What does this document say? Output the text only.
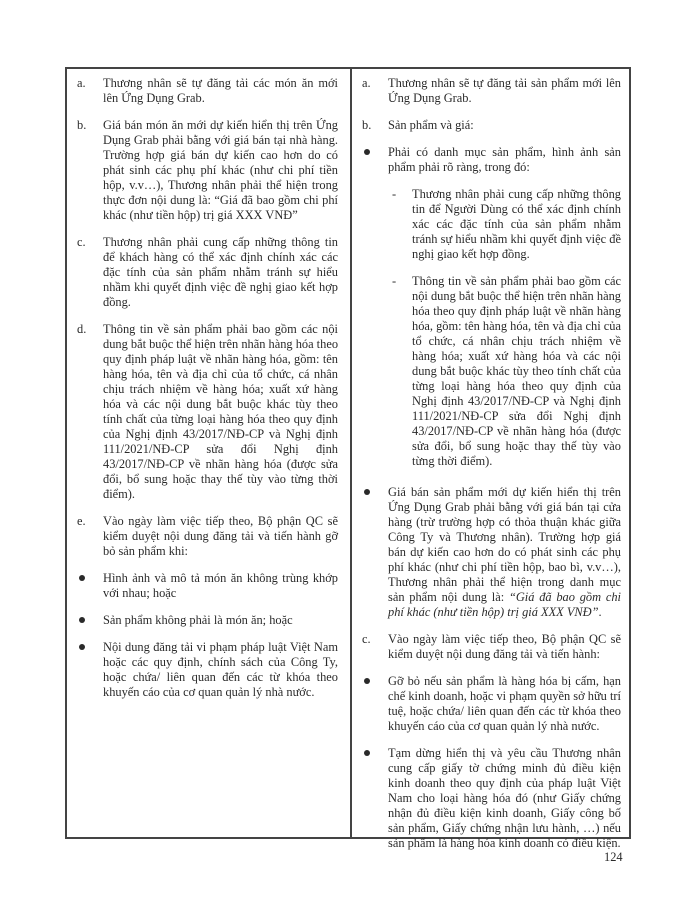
a.	Thương nhân sẽ tự đăng tải các món ăn mới lên Ứng Dụng Grab.
b.	Giá bán món ăn mới dự kiến hiển thị trên Ứng Dụng Grab phải bằng với giá bán tại nhà hàng. Trường hợp giá bán dự kiến cao hơn do có phát sinh các phụ phí khác (như chi phí tiền hộp, v.v…), Thương nhân phải thể hiện trong thực đơn nội dung là: “Giá đã bao gồm chi phí khác (như tiền hộp) trị giá XXX VNĐ”
c.	Thương nhân phải cung cấp những thông tin để khách hàng có thể xác định chính xác các đặc tính của sản phẩm nhằm tránh sự hiểu nhầm khi quyết định việc đề nghị giao kết hợp đồng.
d.	Thông tin về sản phẩm phải bao gồm các nội dung bắt buộc thể hiện trên nhãn hàng hóa theo quy định pháp luật về nhãn hàng hóa, gồm: tên hàng hóa, tên và địa chỉ của tổ chức, cá nhân chịu trách nhiệm về hàng hóa; xuất xứ hàng hóa và các nội dung bắt buộc khác tùy theo tính chất của từng loại hàng hóa theo quy định của Nghị định 43/2017/NĐ-CP và Nghị định 111/2021/NĐ-CP sửa đổi Nghị định 43/2017/NĐ-CP về nhãn hàng hóa (được sửa đổi, bổ sung hoặc thay thế tùy vào từng thời điểm).
e.	Vào ngày làm việc tiếp theo, Bộ phận QC sẽ kiểm duyệt nội dung đăng tải và tiến hành gỡ bỏ sản phẩm khi:
Hình ảnh và mô tả món ăn không trùng khớp với nhau; hoặc
Sản phẩm không phải là món ăn; hoặc
Nội dung đăng tải vi phạm pháp luật Việt Nam hoặc các quy định, chính sách của Công Ty, hoặc chứa/ liên quan đến các từ khóa theo khuyến cáo của cơ quan quản lý nhà nước.
a.	Thương nhân sẽ tự đăng tải sản phẩm mới lên Ứng Dụng Grab.
b.	Sản phẩm và giá:
Phải có danh mục sản phẩm, hình ảnh sản phẩm phải rõ ràng, trong đó:
-	Thương nhân phải cung cấp những thông tin để Người Dùng có thể xác định chính xác các đặc tính của sản phẩm nhằm tránh sự hiểu nhầm khi quyết định việc đề nghị giao kết hợp đồng.
-	Thông tin về sản phẩm phải bao gồm các nội dung bắt buộc thể hiện trên nhãn hàng hóa theo quy định pháp luật về nhãn hàng hóa, gồm: tên hàng hóa, tên và địa chỉ của tổ chức, cá nhân chịu trách nhiệm về hàng hóa; xuất xứ hàng hóa và các nội dung bắt buộc khác tùy theo tính chất của từng loại hàng hóa theo quy định của Nghị định 43/2017/NĐ-CP và Nghị định 111/2021/NĐ-CP sửa đổi Nghị định 43/2017/NĐ-CP về nhãn hàng hóa (được sửa đổi, bổ sung hoặc thay thế tùy vào từng thời điểm).
Giá bán sản phẩm mới dự kiến hiển thị trên Ứng Dụng Grab phải bằng với giá bán tại cửa hàng (trừ trường hợp có thỏa thuận khác giữa Công Ty và Thương nhân). Trường hợp giá bán dự kiến cao hơn do có phát sinh các phụ phí khác (như chi phí tiền hộp, bao bì, v.v…), Thương nhân phải thể hiện trong danh mục sản phẩm nội dung là: “Giá đã bao gồm chi phí khác (như tiền hộp) trị giá XXX VNĐ”.
c.	Vào ngày làm việc tiếp theo, Bộ phận QC sẽ kiểm duyệt nội dung đăng tải và tiến hành:
Gỡ bỏ nếu sản phẩm là hàng hóa bị cấm, hạn chế kinh doanh, hoặc vi phạm quyền sở hữu trí tuệ, hoặc chứa/ liên quan đến các từ khóa theo khuyến cáo của cơ quan quản lý nhà nước.
Tạm dừng hiển thị và yêu cầu Thương nhân cung cấp giấy tờ chứng minh đủ điều kiện kinh doanh theo quy định của pháp luật Việt Nam cho loại hàng hóa đó (như Giấy chứng nhận đủ điều kiện kinh doanh, Giấy công bố sản phẩm, Giấy chứng nhận lưu hành, …) nếu sản phẩm là hàng hóa kinh doanh có điều kiện.
124
